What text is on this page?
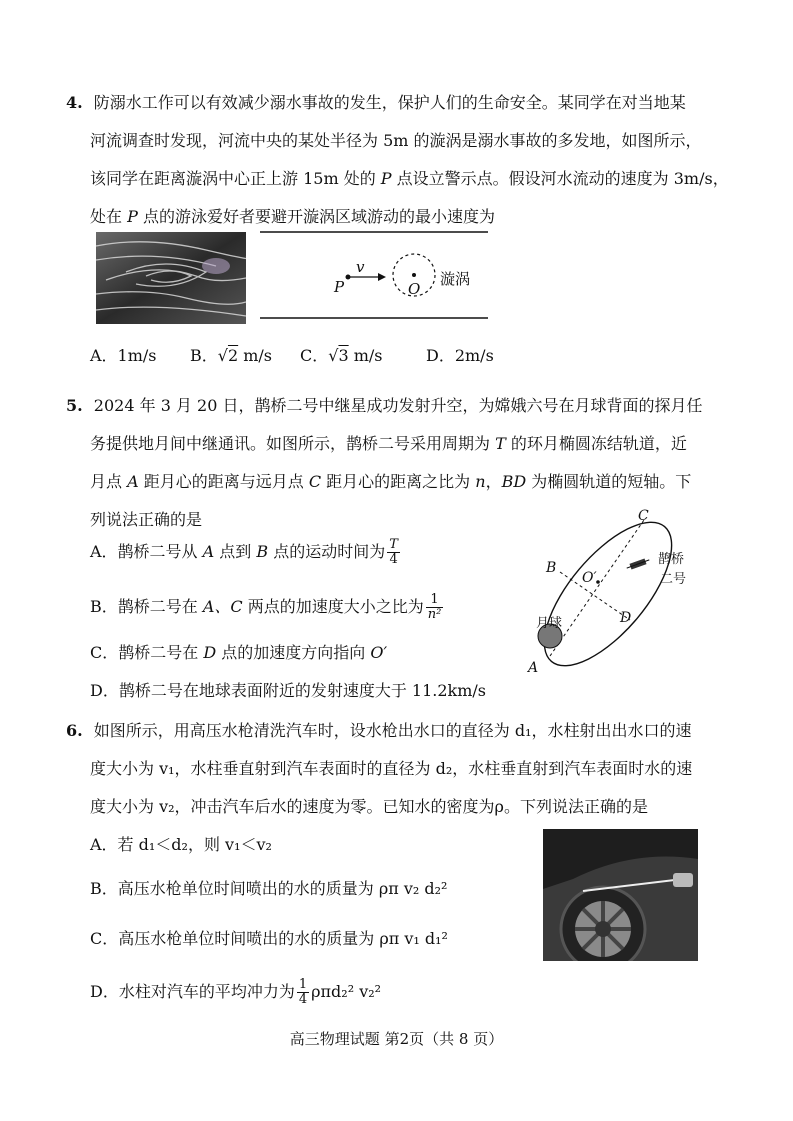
4. 防溺水工作可以有效减少溺水事故的发生，保护人们的生命安全。某同学在对当地某
河流调查时发现，河流中央的某处半径为 5m 的漩涡是溺水事故的多发地，如图所示，
该同学在距离漩涡中心正上游 15m 处的 P 点设立警示点。假设河水流动的速度为 3m/s，
处在 P 点的游泳爱好者要避开漩涡区域游动的最小速度为
v
P	O
漩涡
A．1m/s B．√2 m/s C．√3 m/s	D．2m/s
5. 2024 年 3 月 20 日，鹊桥二号中继星成功发射升空，为嫦娥六号在月球背面的探月任
务提供地月间中继通讯。如图所示，鹊桥二号采用周期为 T 的环月椭圆冻结轨道，近
月点 A 距月心的距离与远月点 C 距月心的距离之比为 n，BD 为椭圆轨道的短轴。下
列说法正确的是
A．鹊桥二号从 A 点到 B 点的运动时间为 $\frac{T}{4}$
B．鹊桥二号在 A、C 两点的加速度大小之比为 $\frac{1}{\text{n²}}$
C．鹊桥二号在 D 点的加速度方向指向 O′
D．鹊桥二号在地球表面附近的发射速度大于 11.2km/s
C
B
O′
D
A
月球
鹊桥
二号
6. 如图所示，用高压水枪清洗汽车时，设水枪出水口的直径为 d₁，水柱射出出水口的速
度大小为 v₁，水柱垂直射到汽车表面时的直径为 d₂，水柱垂直射到汽车表面时水的速
度大小为 v₂，冲击汽车后水的速度为零。已知水的密度为ρ。下列说法正确的是
A．若 d₁＜d₂，则 v₁＜v₂
B．高压水枪单位时间喷出的水的质量为 ρπ v₂ d₂²
C．高压水枪单位时间喷出的水的质量为 ρπ v₁ d₁²
D．水柱对汽车的平均冲力为 $\frac{1}{4} \rho\pi d_2^2$ v₂²
高三物理试题 第2页（共 8 页）
